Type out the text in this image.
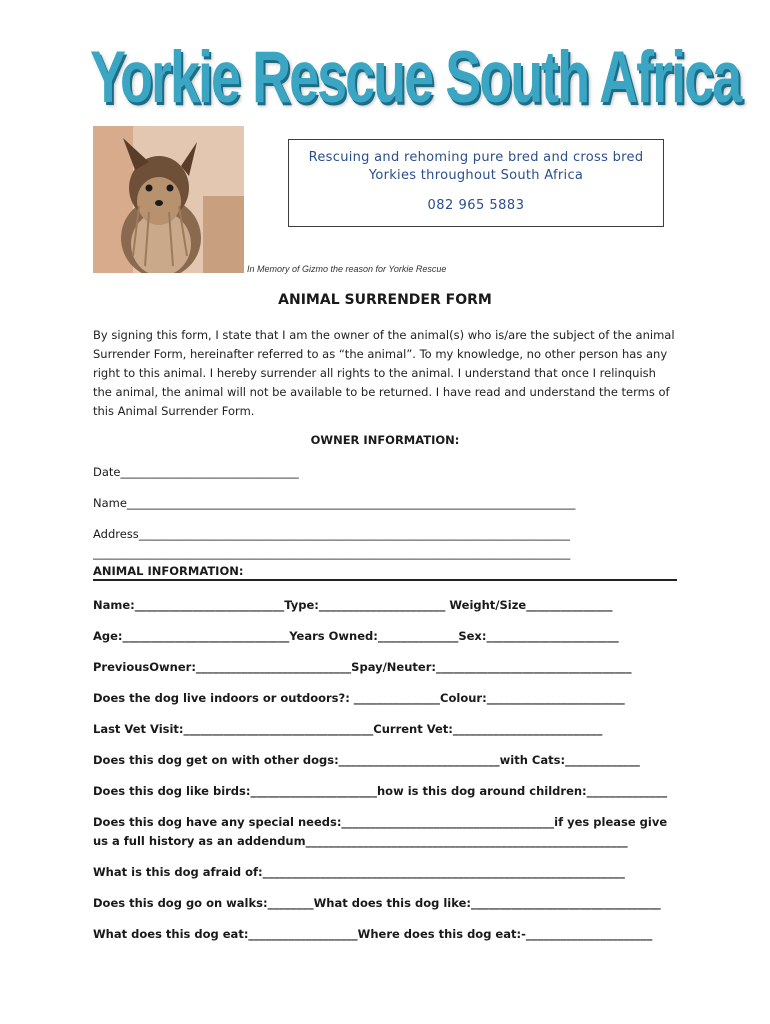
Yorkie Rescue South Africa
Rescuing and rehoming pure bred and cross bred Yorkies throughout South Africa
082 965 5883
In Memory of Gizmo the reason for Yorkie Rescue
ANIMAL SURRENDER FORM
By signing this form, I state that I am the owner of the animal(s) who is/are the subject of the animal Surrender Form, hereinafter referred to as “the animal”. To my knowledge, no other person has any right to this animal. I hereby surrender all rights to the animal. I understand that once I relinquish the animal, the animal will not be available to be returned. I have read and understand the terms of this Animal Surrender Form.
OWNER INFORMATION:
Date_______________________________
Name______________________________________________________________________________
Address___________________________________________________________________________
___________________________________________________________________________________
ANIMAL INFORMATION:
Name:__________________________Type:______________________ Weight/Size_______________
Age:_____________________________Years Owned:______________Sex:_______________________
PreviousOwner:___________________________Spay/Neuter:__________________________________
Does the dog live indoors or outdoors?: _______________Colour:________________________
Last Vet Visit:_________________________________Current Vet:__________________________
Does this dog get on with other dogs:____________________________with Cats:_____________
Does this dog like birds:______________________how is this dog around children:______________
Does this dog have any special needs:_____________________________________if yes please give
us a full history as an addendum________________________________________________________
What is this dog afraid of:_______________________________________________________________
Does this dog go on walks:________What does this dog like:_________________________________
What does this dog eat:___________________Where does this dog eat:-______________________
